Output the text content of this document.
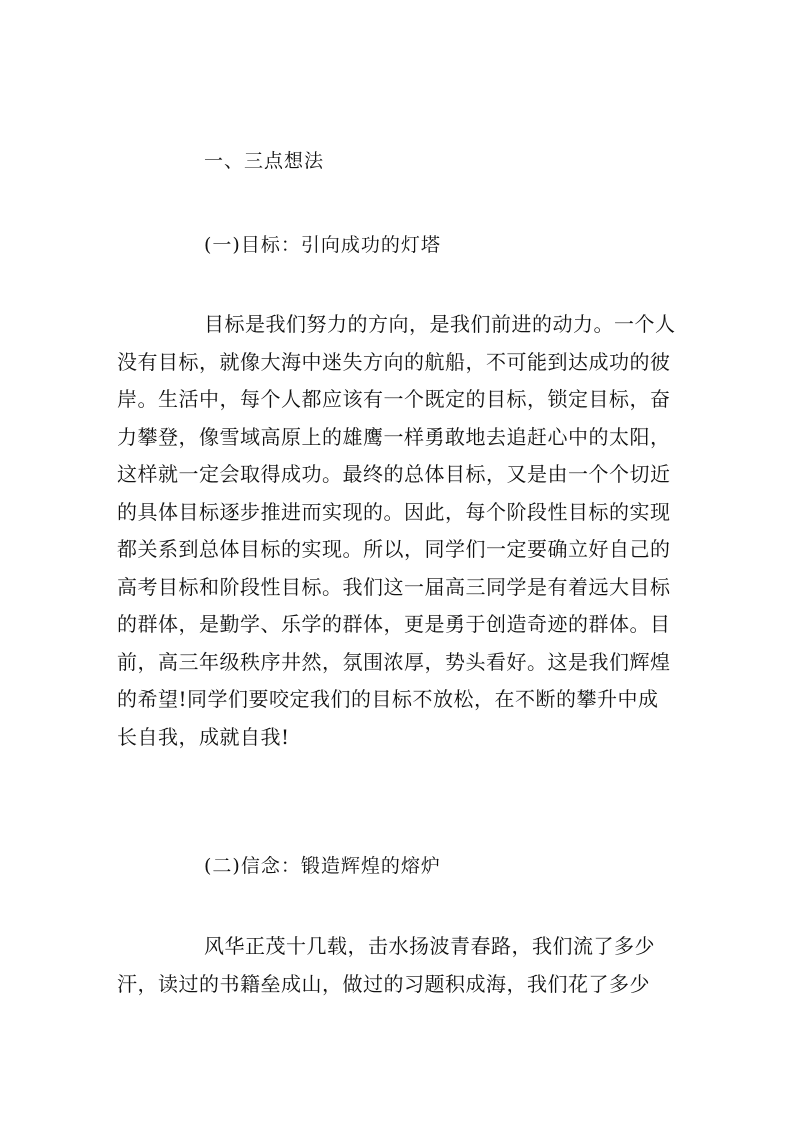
一、三点想法
(一)目标：引向成功的灯塔

目标是我们努力的方向，是我们前进的动力。一个人没有目标，就像大海中迷失方向的航船，不可能到达成功的彼岸。生活中，每个人都应该有一个既定的目标，锁定目标，奋力攀登，像雪域高原上的雄鹰一样勇敢地去追赶心中的太阳，这样就一定会取得成功。最终的总体目标，又是由一个个切近的具体目标逐步推进而实现的。因此，每个阶段性目标的实现都关系到总体目标的实现。所以，同学们一定要确立好自己的高考目标和阶段性目标。我们这一届高三同学是有着远大目标的群体，是勤学、乐学的群体，更是勇于创造奇迹的群体。目前，高三年级秩序井然，氛围浓厚，势头看好。这是我们辉煌的希望!同学们要咬定我们的目标不放松，在不断的攀升中成长自我，成就自我!

(二)信念：锻造辉煌的熔炉

风华正茂十几载，击水扬波青春路，我们流了多少汗，读过的书籍垒成山，做过的习题积成海，我们花了多少
